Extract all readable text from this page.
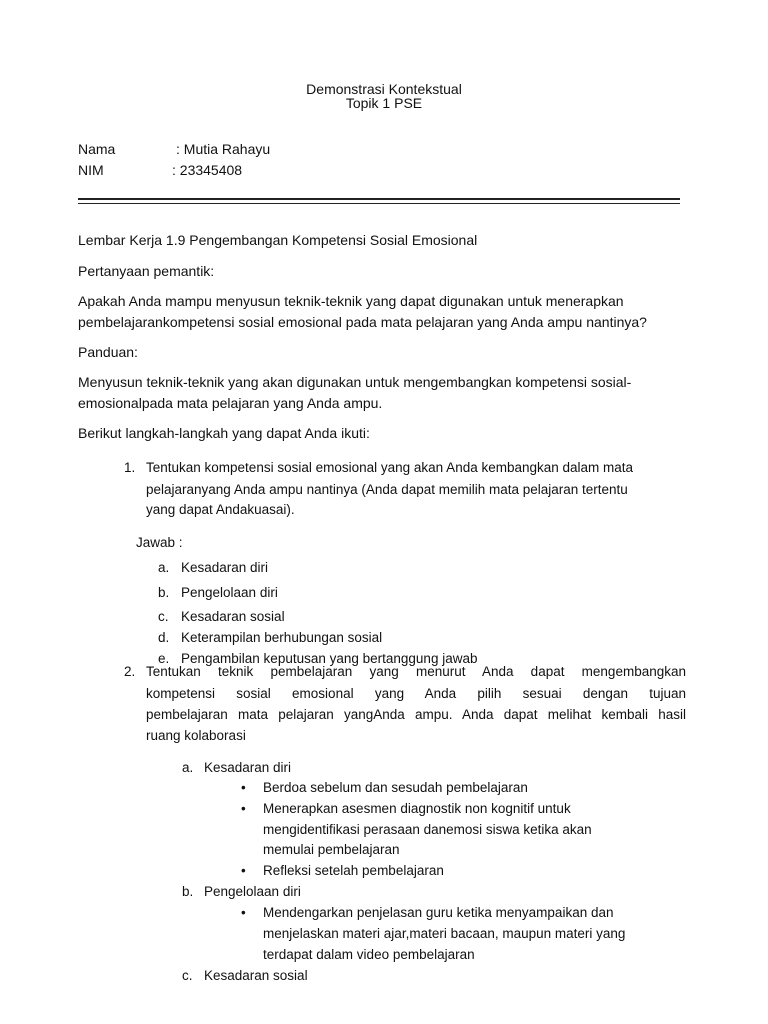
Demonstrasi Kontekstual
Topik 1 PSE
Nama	: Mutia Rahayu
NIM	: 23345408
Lembar Kerja 1.9 Pengembangan Kompetensi Sosial Emosional
Pertanyaan pemantik:
Apakah Anda mampu menyusun teknik-teknik yang dapat digunakan untuk menerapkan
pembelajarankompetensi sosial emosional pada mata pelajaran yang Anda ampu nantinya?
Panduan:
Menyusun teknik-teknik yang akan digunakan untuk mengembangkan kompetensi sosial-
emosionalpada mata pelajaran yang Anda ampu.
Berikut langkah-langkah yang dapat Anda ikuti:
1. Tentukan kompetensi sosial emosional yang akan Anda kembangkan dalam mata
pelajaranyang Anda ampu nantinya (Anda dapat memilih mata pelajaran tertentu
yang dapat Andakuasai).
Jawab :
a. Kesadaran diri
b. Pengelolaan diri
c. Kesadaran sosial
d. Keterampilan berhubungan sosial
e. Pengambilan keputusan yang bertanggung jawab
2. Tentukan teknik pembelajaran yang menurut Anda dapat mengembangkan
kompetensi sosial emosional yang Anda pilih sesuai dengan tujuan
pembelajaran mata pelajaran yangAnda ampu. Anda dapat melihat kembali hasil
ruang kolaborasi
a. Kesadaran diri
• Berdoa sebelum dan sesudah pembelajaran
• Menerapkan asesmen diagnostik non kognitif untuk
mengidentifikasi perasaan danemosi siswa ketika akan
memulai pembelajaran
• Refleksi setelah pembelajaran
b. Pengelolaan diri
• Mendengarkan penjelasan guru ketika menyampaikan dan
menjelaskan materi ajar,materi bacaan, maupun materi yang
terdapat dalam video pembelajaran
c. Kesadaran sosial
